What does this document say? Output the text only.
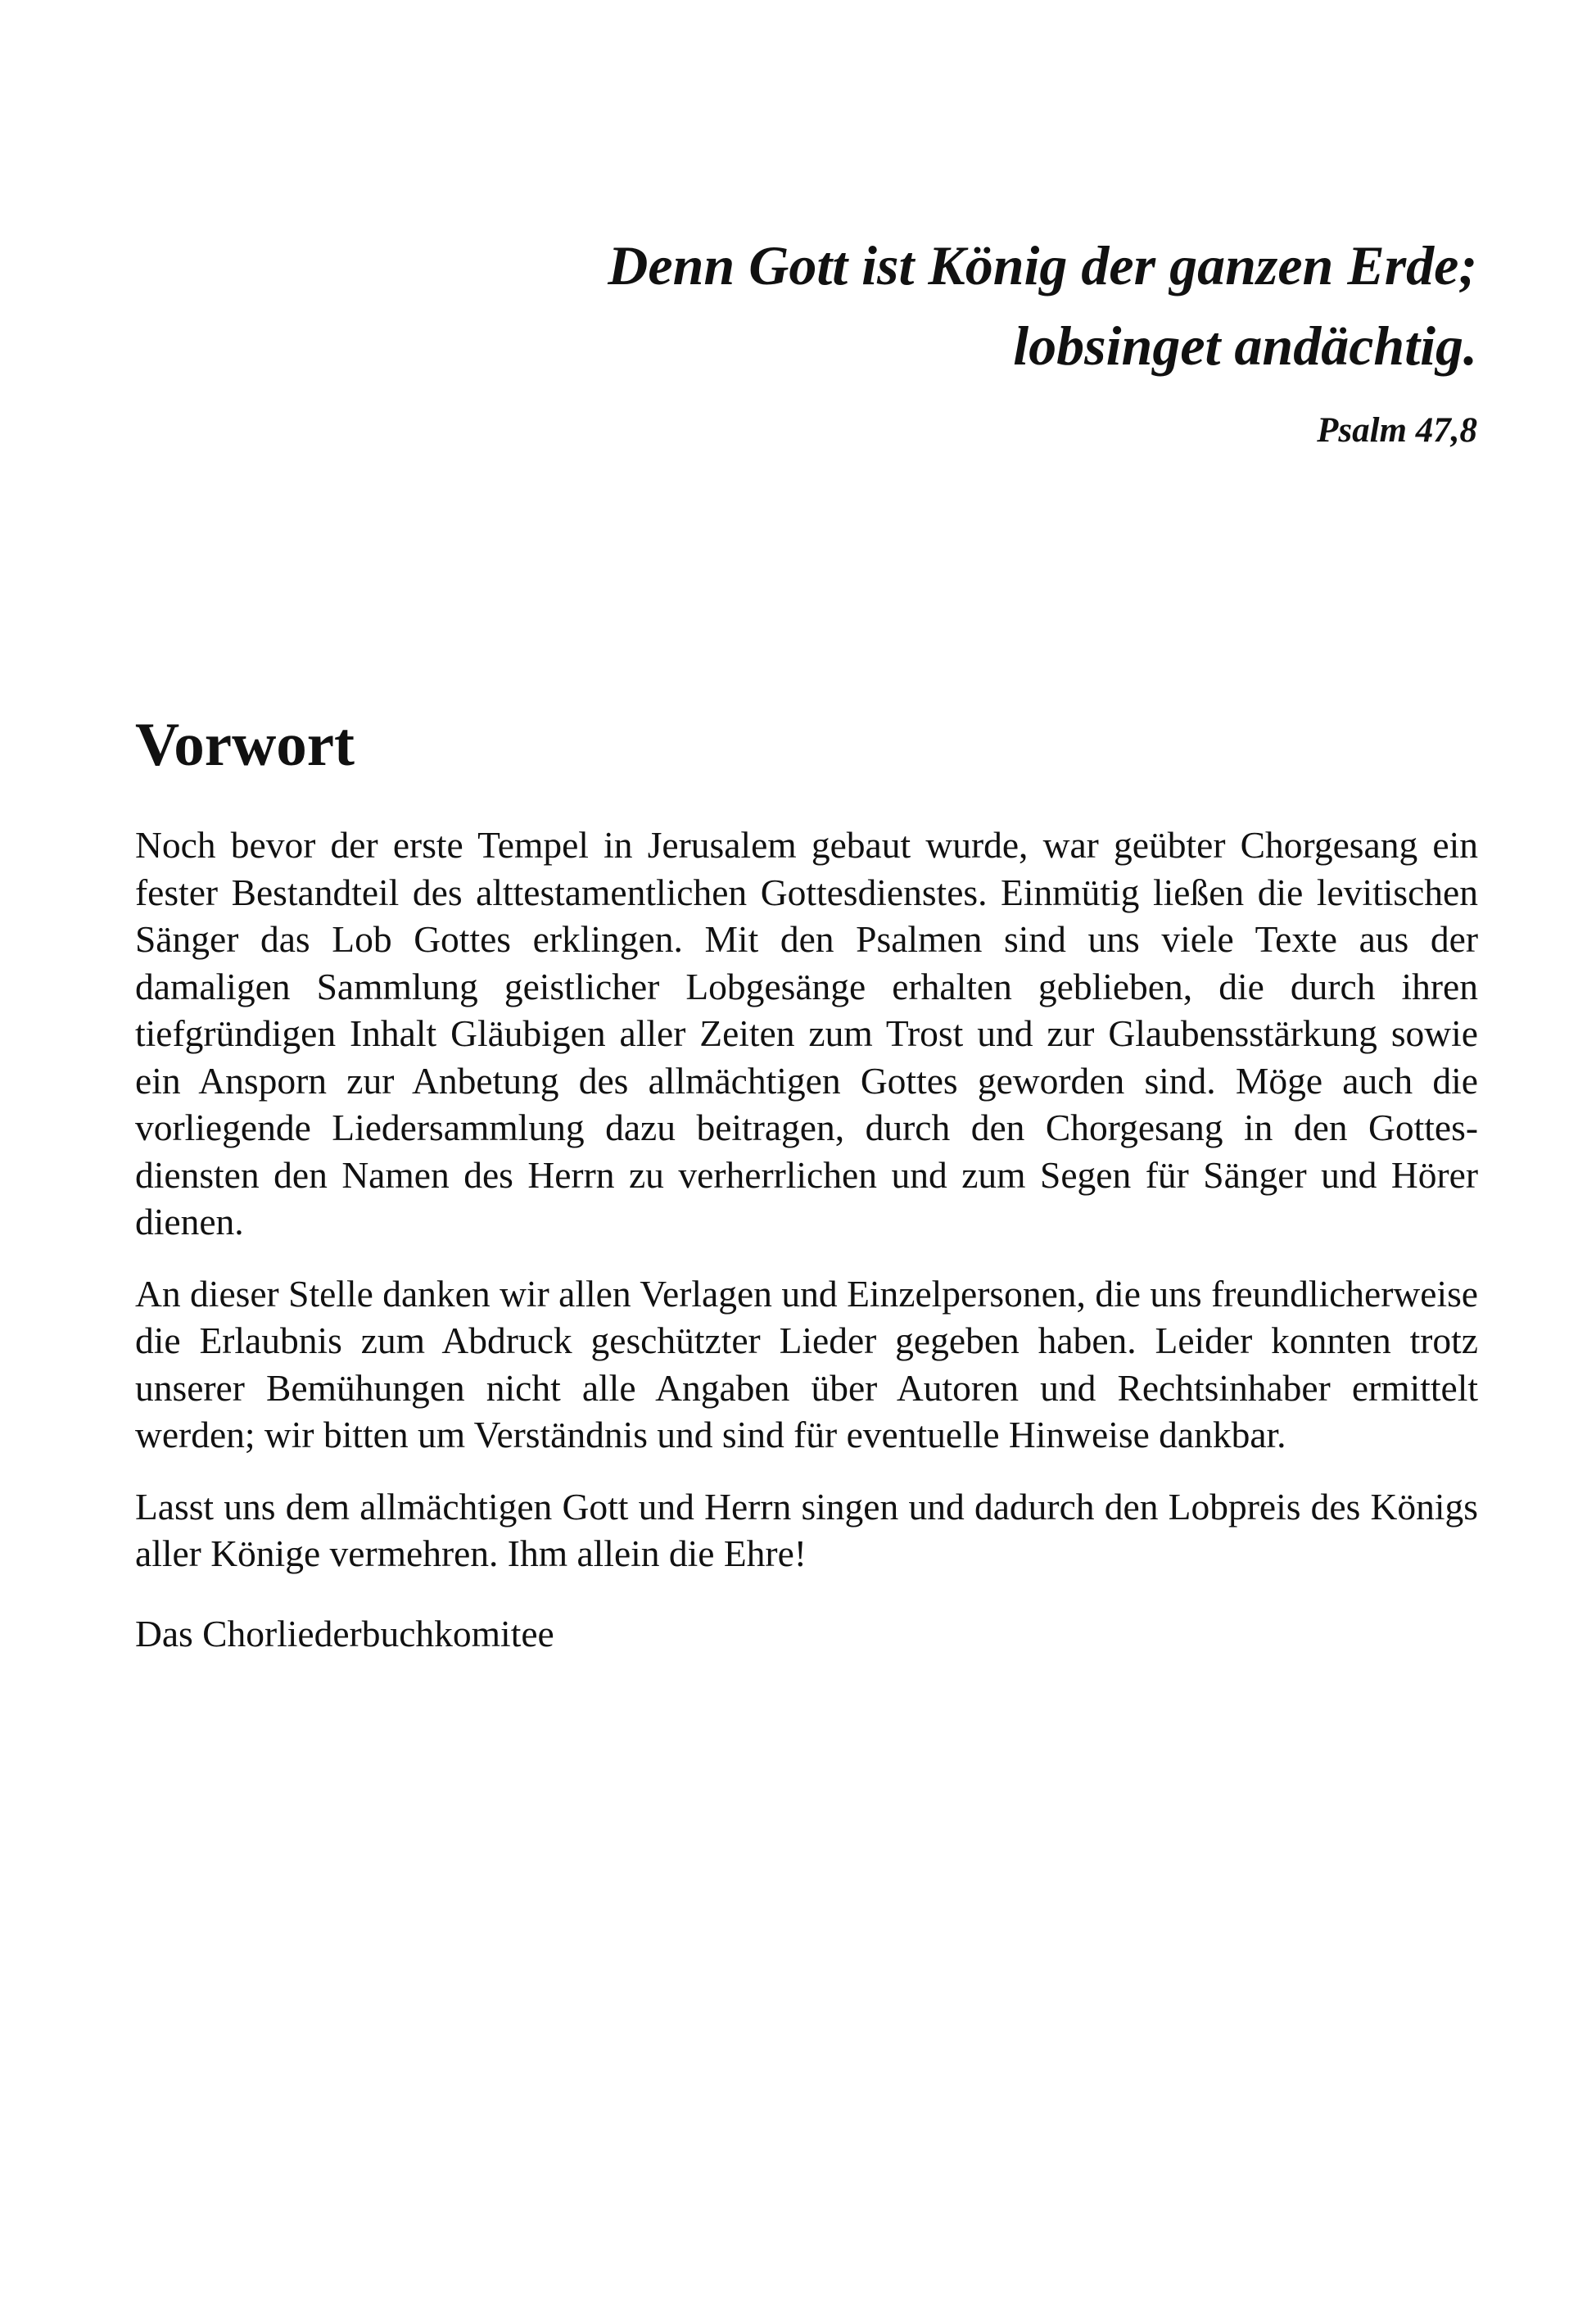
Denn Gott ist König der ganzen Erde;

lobsinget andächtig.

Psalm 47,8
Vorwort

Noch bevor der erste Tempel in Jerusalem gebaut wurde, war geübter Chorgesang ein fester Bestandteil des alttestamentlichen Gottesdienstes. Einmütig ließen die levitischen Sänger das Lob Gottes erklingen. Mit den Psalmen sind uns viele Texte aus der damaligen Sammlung geistlicher Lobgesänge erhalten geblieben, die durch ihren tiefgründigen Inhalt Gläubigen aller Zeiten zum Trost und zur Glaubensstärkung sowie ein Ansporn zur Anbetung des allmächtigen Gottes geworden sind. Möge auch die vorliegende Liedersammlung dazu beitragen, durch den Chorgesang in den Gottesdiensten den Namen des Herrn zu verherrlichen und zum Segen für Sänger und Hörer dienen.

An dieser Stelle danken wir allen Verlagen und Einzelpersonen, die uns freundlicherweise die Erlaubnis zum Abdruck geschützter Lieder gegeben haben. Leider konnten trotz unserer Bemühungen nicht alle Angaben über Autoren und Rechtsinhaber ermittelt werden; wir bitten um Verständnis und sind für eventuelle Hinweise dankbar.

Lasst uns dem allmächtigen Gott und Herrn singen und dadurch den Lobpreis des Königs aller Könige vermehren. Ihm allein die Ehre!

Das Chorliederbuchkomitee
